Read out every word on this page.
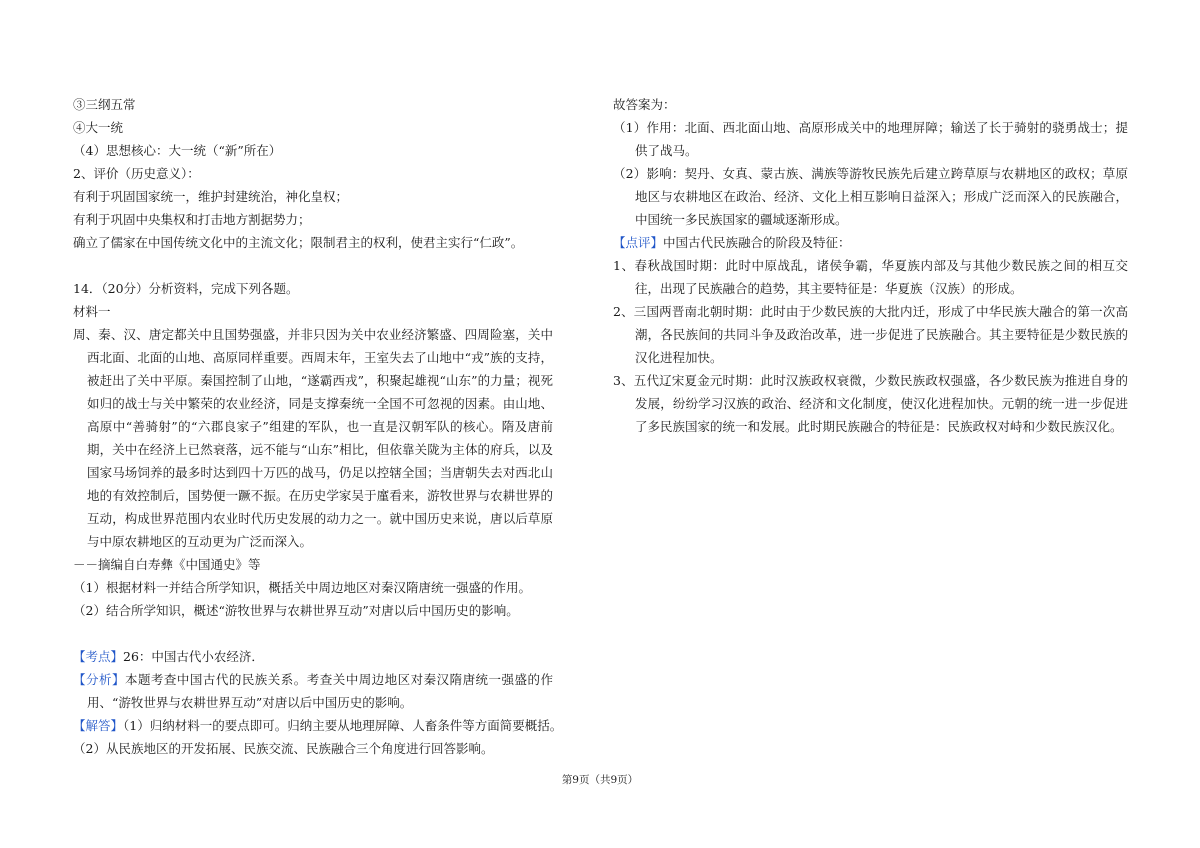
③三纲五常
④大一统
（4）思想核心：大一统（“新”所在）
2、评价（历史意义）：
有利于巩固国家统一，维护封建统治，神化皇权；
有利于巩固中央集权和打击地方割据势力；
确立了儒家在中国传统文化中的主流文化；限制君主的权利，使君主实行“仁政”。
14．（20分）分析资料，完成下列各题。
材料一
周、秦、汉、唐定都关中且国势强盛，并非只因为关中农业经济繁盛、四周险塞，关中西北面、北面的山地、高原同样重要。西周末年，王室失去了山地中“戎”族的支持，被赶出了关中平原。秦国控制了山地，“遂霸西戎”，积聚起雄视“山东”的力量；视死如归的战士与关中繁荣的农业经济，同是支撑秦统一全国不可忽视的因素。由山地、高原中“善骑射”的“六郡良家子”组建的军队，也一直是汉朝军队的核心。隋及唐前期，关中在经济上已然衰落，远不能与“山东”相比，但依靠关陇为主体的府兵，以及国家马场饲养的最多时达到四十万匹的战马，仍足以控辖全国；当唐朝失去对西北山地的有效控制后，国势便一蹶不振。在历史学家吴于廑看来，游牧世界与农耕世界的互动，构成世界范围内农业时代历史发展的动力之一。就中国历史来说，唐以后草原与中原农耕地区的互动更为广泛而深入。
－－摘编自白寿彝《中国通史》等
（1）根据材料一并结合所学知识，概括关中周边地区对秦汉隋唐统一强盛的作用。
（2）结合所学知识，概述“游牧世界与农耕世界互动”对唐以后中国历史的影响。
【考点】26：中国古代小农经济．
【分析】本题考查中国古代的民族关系。考查关中周边地区对秦汉隋唐统一强盛的作用、“游牧世界与农耕世界互动”对唐以后中国历史的影响。
【解答】（1）归纳材料一的要点即可。归纳主要从地理屏障、人畜条件等方面简要概括。
（2）从民族地区的开发拓展、民族交流、民族融合三个角度进行回答影响。
故答案为：
（1）作用：北面、西北面山地、高原形成关中的地理屏障；输送了长于骑射的骁勇战士；提供了战马。
（2）影响：契丹、女真、蒙古族、满族等游牧民族先后建立跨草原与农耕地区的政权；草原地区与农耕地区在政治、经济、文化上相互影响日益深入；形成广泛而深入的民族融合，中国统一多民族国家的疆域逐渐形成。
【点评】中国古代民族融合的阶段及特征：
1、春秋战国时期：此时中原战乱，诸侯争霸，华夏族内部及与其他少数民族之间的相互交往，出现了民族融合的趋势，其主要特征是：华夏族（汉族）的形成。
2、三国两晋南北朝时期：此时由于少数民族的大批内迁，形成了中华民族大融合的第一次高潮，各民族间的共同斗争及政治改革，进一步促进了民族融合。其主要特征是少数民族的汉化进程加快。
3、五代辽宋夏金元时期：此时汉族政权衰微，少数民族政权强盛，各少数民族为推进自身的发展，纷纷学习汉族的政治、经济和文化制度，使汉化进程加快。元朝的统一进一步促进了多民族国家的统一和发展。此时期民族融合的特征是：民族政权对峙和少数民族汉化。
第9页（共9页）
